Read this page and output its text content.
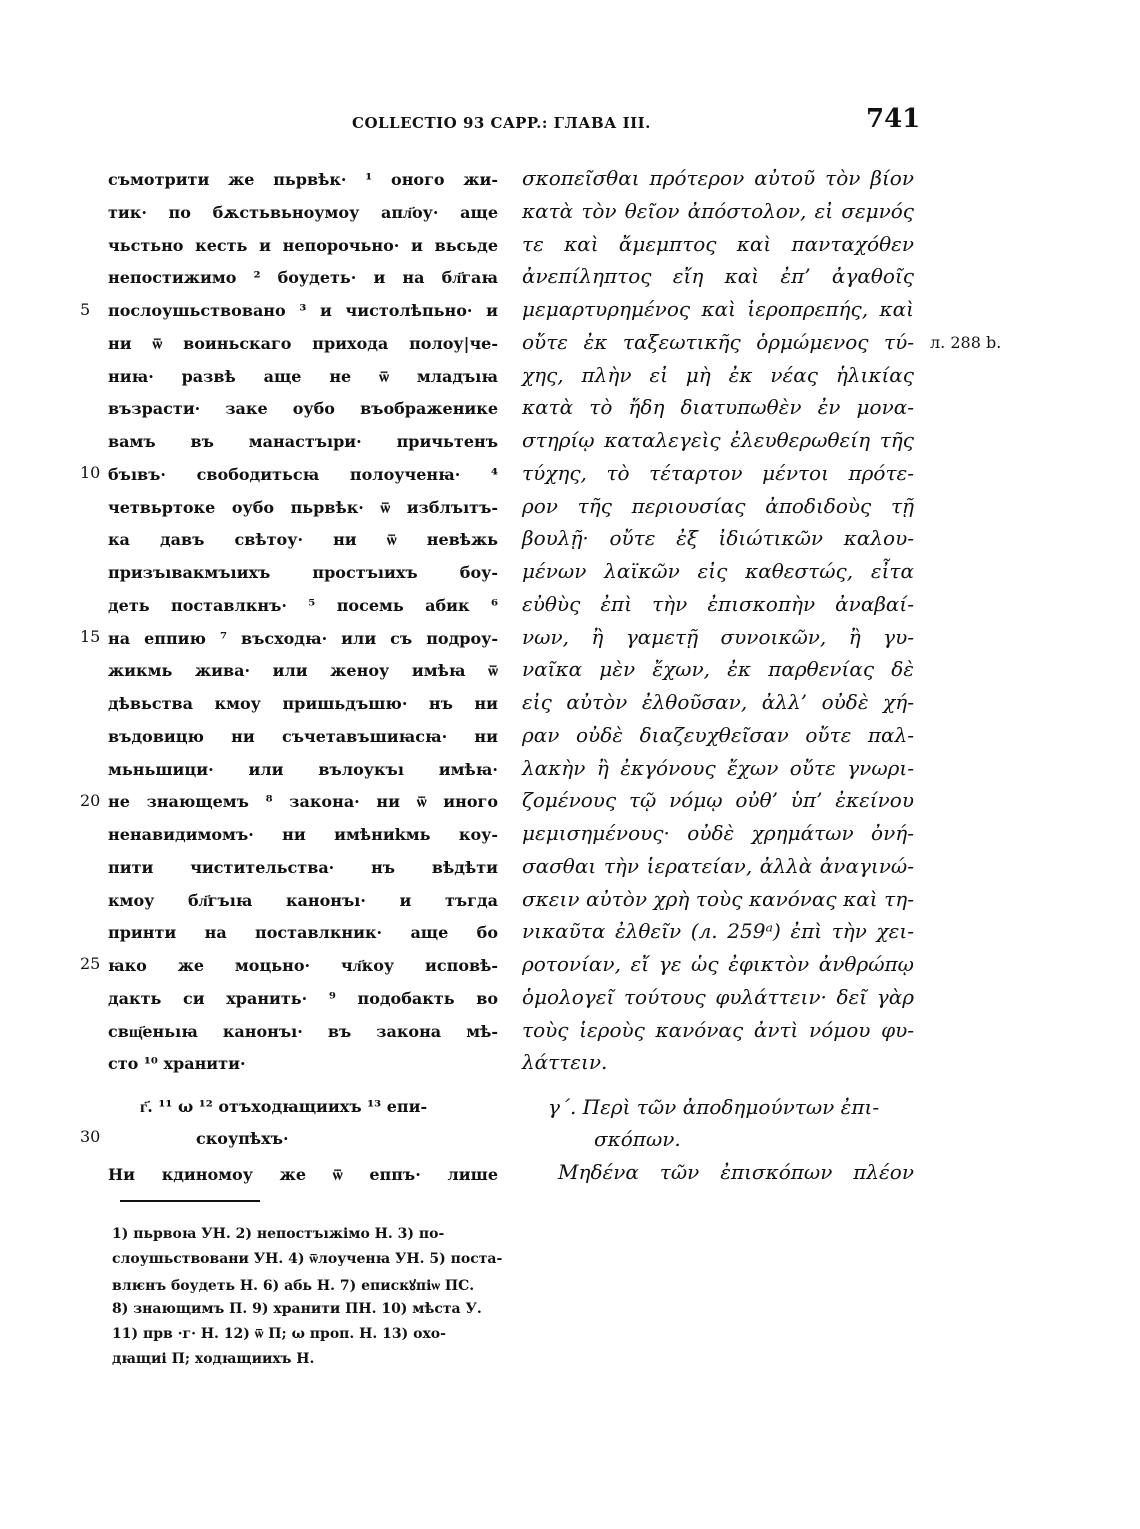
COLLECTIO 93 CAPP.: ГЛАВА III.	741
л. 288 b.
5
10
15
20
25
30
съмотрити же пьрвѣк· ¹ оного жи-
тик· по бѫстьвьноумоу апл҃оу· аще
чьстьно кесть и непорочьно· и вьсьде
непостижимо ² боудеть· и на бл҃гаꙗ
послоушьствовано ³ и чистолѣпьно· и
ни ѿ воиньскаго прихода полоу|че-
ниꙗ· развѣ аще не ѿ младъıꙗ
възрасти· заке оубо въображенике
вамъ въ манастъıри· причьтенъ
бъıвъ· свободитьсꙗ полоученꙗ· ⁴
четвьртоке оубо пьрвѣк· ѿ изблъıтъ-
ка давъ свѣтоу· ни ѿ невѣжь
призъıвакмъıихъ простъıихъ боу-
деть поставлкнъ· ⁵ посемь абик ⁶
на еппию ⁷ въсходꙗ· или съ подроу-
жикмь жива· или женоу имѣꙗ ѿ
дѣвьства кмоу пришьдъшю· нъ ни
въдовицю ни съчетавъшиꙗсꙗ· ни
мьньшици· или вълоукъı имѣꙗ·
не знающемъ ⁸ закона· ни ѿ иного
ненавидимомъ· ни имѣниkмь коу-
пити чистительства· нъ вѣдѣти
кмоу бл҃гъıꙗ канонъı· и тъгда
принти на поставлкник· аще бо
ꙗко же моцьно· чл҃коу исповѣ-
дакть си хранить· ⁹ подобакть во
свщ҃еньıꙗ канонъı· въ закона мѣ-
сто ¹⁰ хранити·
г҃. ¹¹ ω ¹² отъходꙗщиихъ ¹³ епи-
скоупѣхъ·
Ни кдиномоу же ѿ еппъ· лише
σκοπεῖσθαι πρότερον αὐτοῦ τὸν βίον
κατὰ τὸν θεῖον ἀπόστολον, εἰ σεμνός
τε καὶ ἄμεμπτος καὶ πανταχόθεν
ἀνεπίληπτος εἴη καὶ ἐπ’ ἀγαθοῖς
μεμαρτυρημένος καὶ ἱεροπρεπής, καὶ
οὔτε ἐκ ταξεωτικῆς ὁρμώμενος τύ-
χης, πλὴν εἰ μὴ ἐκ νέας ἡλικίας
κατὰ τὸ ἤδη διατυπωθὲν ἐν μονα-
στηρίῳ καταλεγεὶς ἐλευθερωθείη τῆς
τύχης, τὸ τέταρτον μέντοι πρότε-
ρον τῆς περιουσίας ἀποδιδοὺς τῇ
βουλῇ· οὔτε ἐξ ἰδιώτικῶν καλου-
μένων λαϊκῶν εἰς καθεστώς, εἶτα
εὐθὺς ἐπὶ τὴν ἐπισκοπὴν ἀναβαί-
νων, ἢ γαμετῇ συνοικῶν, ἢ γυ-
ναῖκα μὲν ἔχων, ἐκ παρθενίας δὲ
εἰς αὐτὸν ἐλθοῦσαν, ἀλλ’ οὐδὲ χή-
ραν οὐδὲ διαζευχθεῖσαν οὔτε παλ-
λακὴν ἢ ἐκγόνους ἔχων οὔτε γνωρι-
ζομένους τῷ νόμῳ οὐθ’ ὑπ’ ἐκείνου
μεμισημένους· οὐδὲ χρημάτων ὀνή-
σασθαι τὴν ἱερατείαν, ἀλλὰ ἀναγινώ-
σκειν αὐτὸν χρὴ τοὺς κανόνας καὶ τη-
νικαῦτα ἐλθεῖν (л. 259ᵃ) ἐπὶ τὴν χει-
ροτονίαν, εἴ γε ὡς ἐφικτὸν ἀνθρώπῳ
ὁμολογεῖ τούτους φυλάττειν· δεῖ γὰρ
τοὺς ἱεροὺς κανόνας ἀντὶ νόμου φυ-
λάττειν.
γ΄. Περὶ τῶν ἀποδημούντων ἐπι-
σκόπων.
Μηδένα τῶν ἐπισκόπων πλέον
1) пьрвоꙗ УН. 2) непостъıжімо Н. 3) по-
слоушьствовани УН. 4) ѿлоученꙗ УН. 5) поста-
влѥнъ боудеть Н. 6) абь Н. 7) епискꙋпіѡ ПС.
8) знающимъ П. 9) хранити ПН. 10) мѣста У.
11) прв ·г· Н. 12) ѿ П; ω проп. Н. 13) охо-
дꙗщиі П; ходꙗщиихъ Н.
